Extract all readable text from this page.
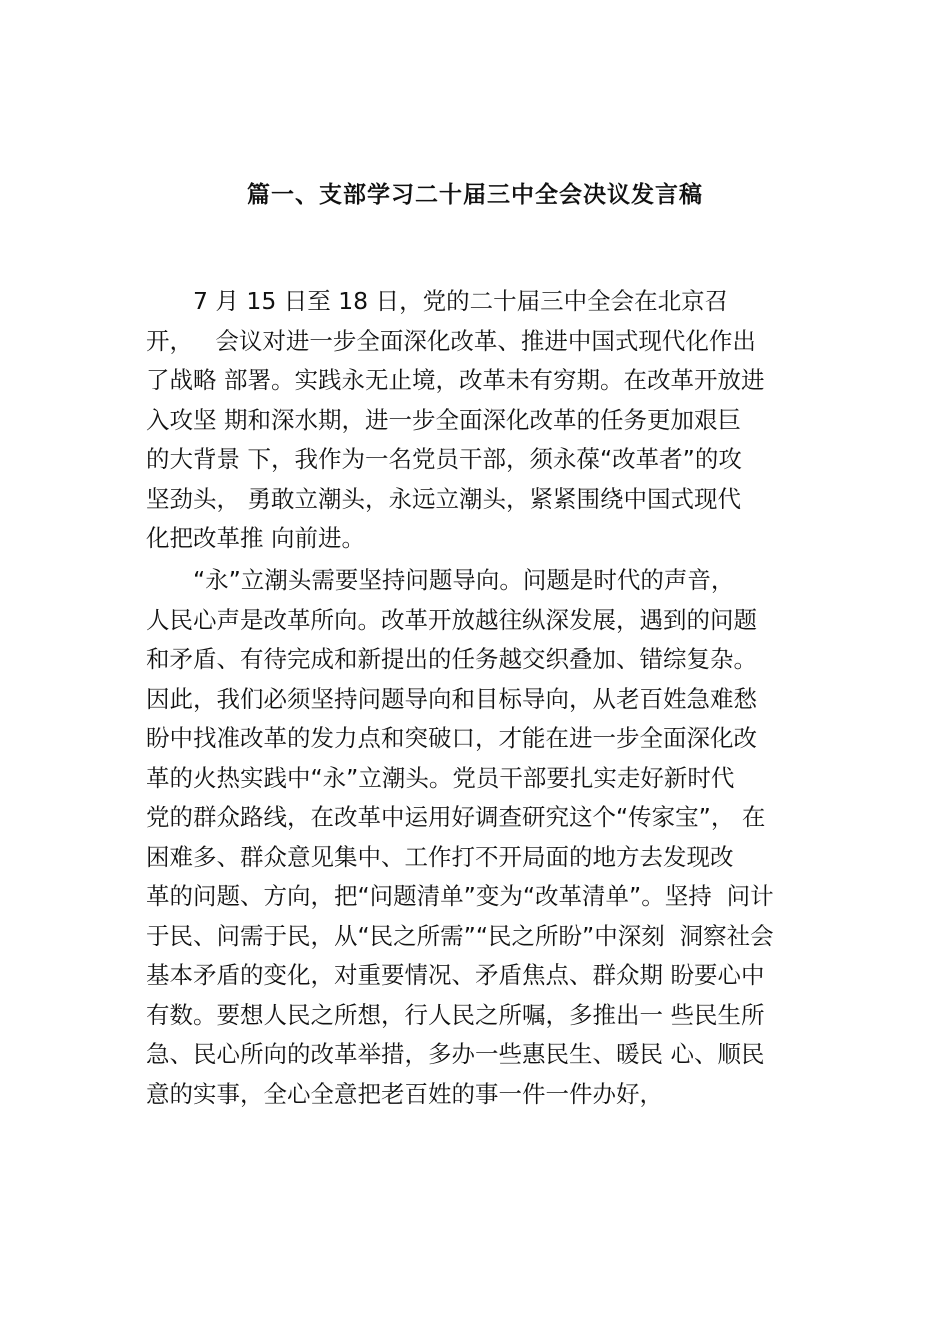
篇一、支部学习二十届三中全会决议发言稿
7 月 15 日至 18 日，党的二十届三中全会在北京召
开，   会议对进一步全面深化改革、推进中国式现代化作出
了战略 部署。实践永无止境，改革未有穷期。在改革开放进
入攻坚 期和深水期，进一步全面深化改革的任务更加艰巨
的大背景 下，我作为一名党员干部，须永葆“改革者”的攻
坚劲头， 勇敢立潮头，永远立潮头，紧紧围绕中国式现代
化把改革推 向前进。
“永”立潮头需要坚持问题导向。问题是时代的声音，
人民心声是改革所向。改革开放越往纵深发展，遇到的问题
和矛盾、有待完成和新提出的任务越交织叠加、错综复杂。
因此，我们必须坚持问题导向和目标导向，从老百姓急难愁
盼中找准改革的发力点和突破口，才能在进一步全面深化改
革的火热实践中“永”立潮头。党员干部要扎实走好新时代
党的群众路线，在改革中运用好调查研究这个“传家宝”， 在
困难多、群众意见集中、工作打不开局面的地方去发现改
革的问题、方向，把“问题清单”变为“改革清单”。坚持  问计
于民、问需于民，从“民之所需”“民之所盼”中深刻  洞察社会
基本矛盾的变化，对重要情况、矛盾焦点、群众期 盼要心中
有数。要想人民之所想，行人民之所嘱，多推出一 些民生所
急、民心所向的改革举措，多办一些惠民生、暖民 心、顺民
意的实事，全心全意把老百姓的事一件一件办好，
